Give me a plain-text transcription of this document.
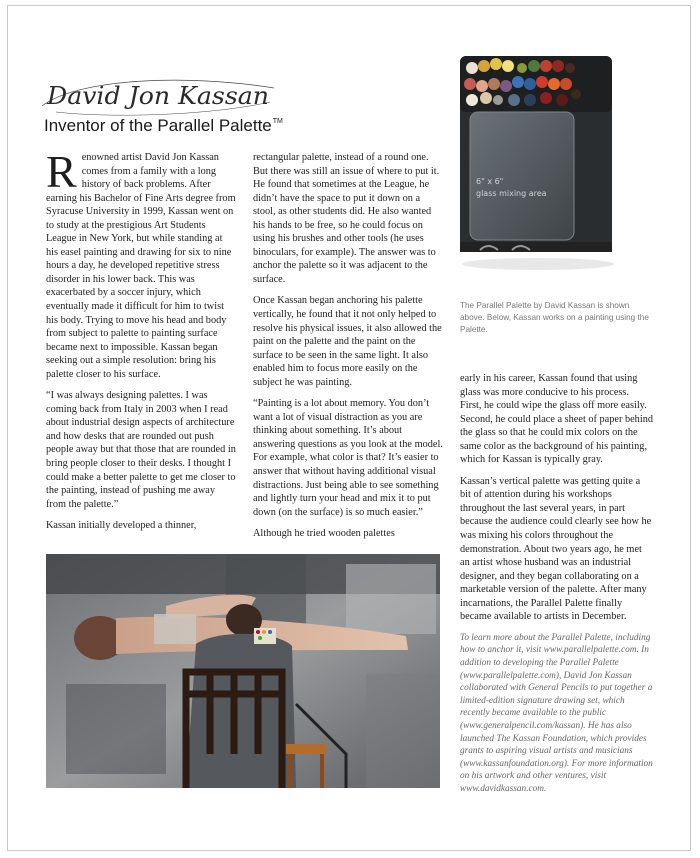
David Jon Kassan
Inventor of the Parallel Palette™

Renowned artist David Jon Kassan comes from a family with a long history of back problems. After earning his Bachelor of Fine Arts degree from Syracuse University in 1999, Kassan went on to study at the prestigious Art Students League in New York, but while standing at his easel painting and drawing for six to nine hours a day, he developed repetitive stress disorder in his lower back. This was exacerbated by a soccer injury, which eventually made it difficult for him to twist his body. Trying to move his head and body from subject to palette to painting surface became next to impossible. Kassan began seeking out a simple resolution: bring his palette closer to his surface.

“I was always designing palettes. I was coming back from Italy in 2003 when I read about industrial design aspects of architecture and how desks that are rounded out push people away but that those that are rounded in bring people closer to their desks. I thought I could make a better palette to get me closer to the painting, instead of pushing me away from the palette.”

Kassan initially developed a thinner,

rectangular palette, instead of a round one. But there was still an issue of where to put it. He found that sometimes at the League, he didn’t have the space to put it down on a stool, as other students did. He also wanted his hands to be free, so he could focus on using his brushes and other tools (he uses binoculars, for example). The answer was to anchor the palette so it was adjacent to the surface.

Once Kassan began anchoring his palette vertically, he found that it not only helped to resolve his physical issues, it also allowed the paint on the palette and the paint on the surface to be seen in the same light. It also enabled him to focus more easily on the subject he was painting.

“Painting is a lot about memory. You don’t want a lot of visual distraction as you are thinking about something. It’s about answering questions as you look at the model. For example, what color is that? It’s easier to answer that without having additional visual distractions. Just being able to see something and lightly turn your head and mix it to put down (on the surface) is so much easier.”

Although he tried wooden palettes

6" x 6"
glass mixing area
The Parallel Palette by David Kassan is shown above. Below, Kassan works on a painting using the Palette.

early in his career, Kassan found that using glass was more conducive to his process. First, he could wipe the glass off more easily. Second, he could place a sheet of paper behind the glass so that he could mix colors on the same color as the background of his painting, which for Kassan is typically gray.

Kassan’s vertical palette was getting quite a bit of attention during his workshops throughout the last several years, in part because the audience could clearly see how he was mixing his colors throughout the demonstration. About two years ago, he met an artist whose husband was an industrial designer, and they began collaborating on a marketable version of the palette. After many incarnations, the Parallel Palette finally became available to artists in December.

To learn more about the Parallel Palette, including how to anchor it, visit www.parallelpalette.com. In addition to developing the Parallel Palette (www.parallelpalette.com), David Jon Kassan collaborated with General Pencils to put together a limited-edition signature drawing set, which recently became available to the public (www.generalpencil.com/kassan). He has also launched The Kassan Foundation, which provides grants to aspiring visual artists and musicians (www.kassanfoundation.org). For more information on his artwork and other ventures, visit www.davidkassan.com.
